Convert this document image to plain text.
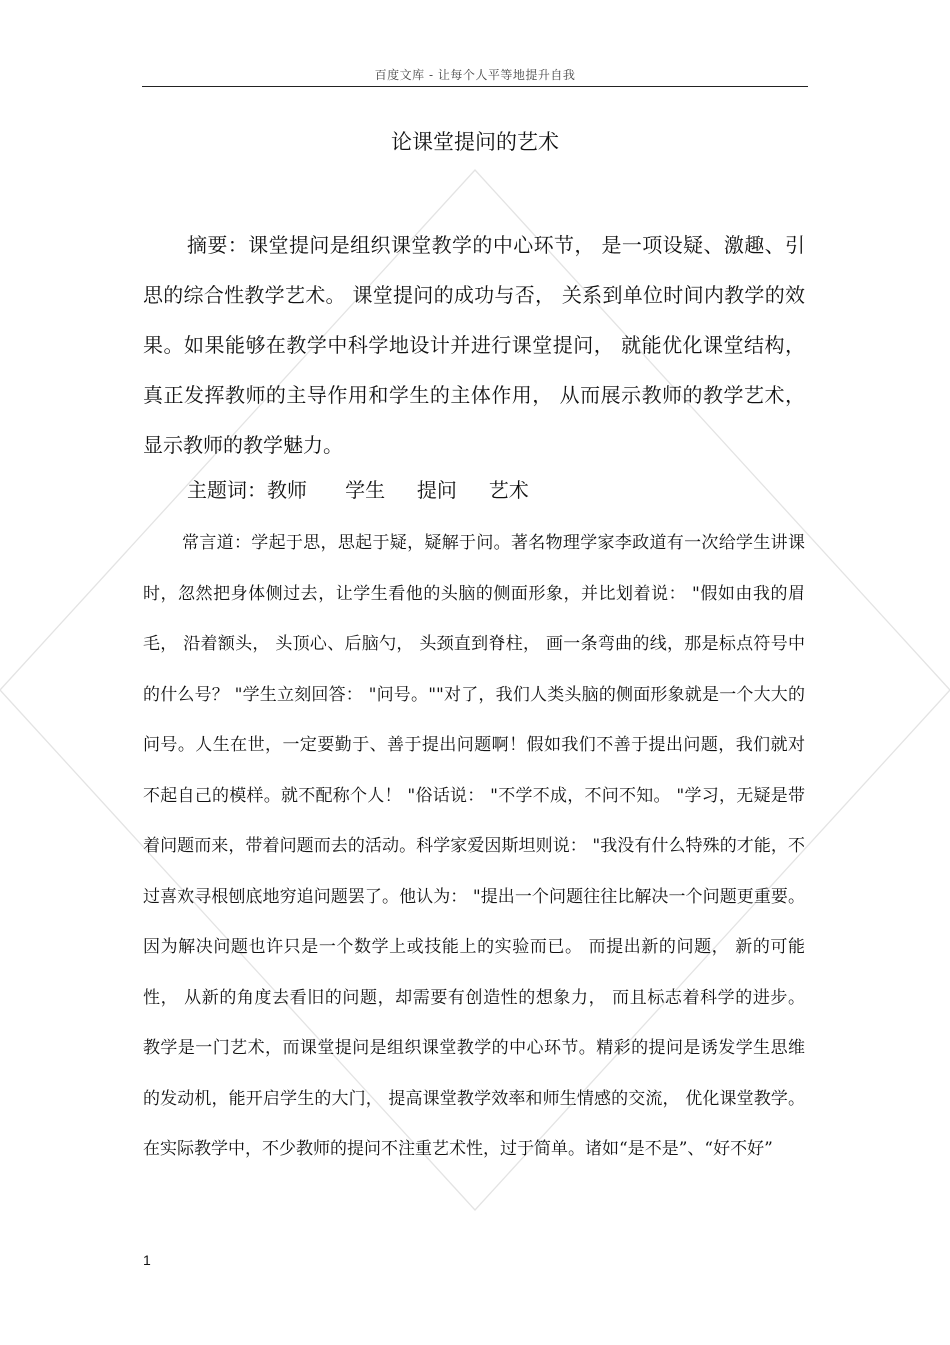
百度文库 - 让每个人平等地提升自我
论课堂提问的艺术

摘要：课堂提问是组织课堂教学的中心环节， 是一项设疑、激趣、引思的综合性教学艺术。 课堂提问的成功与否， 关系到单位时间内教学的效果。如果能够在教学中科学地设计并进行课堂提问， 就能优化课堂结构， 真正发挥教师的主导作用和学生的主体作用， 从而展示教师的教学艺术，显示教师的教学魅力。

主题词：教师      学生     提问     艺术

常言道：学起于思，思起于疑，疑解于问。著名物理学家李政道有一次给学生讲课时，忽然把身体侧过去，让学生看他的头脑的侧面形象，并比划着说： "假如由我的眉毛， 沿着额头， 头顶心、后脑勺， 头颈直到脊柱， 画一条弯曲的线，那是标点符号中的什么号？ "学生立刻回答： "问号。""对了，我们人类头脑的侧面形象就是一个大大的问号。人生在世，一定要勤于、善于提出问题啊！假如我们不善于提出问题，我们就对不起自己的模样。就不配称个人！ "俗话说： "不学不成，不问不知。 "学习，无疑是带着问题而来，带着问题而去的活动。科学家爱因斯坦则说： "我没有什么特殊的才能，不过喜欢寻根刨底地穷追问题罢了。他认为： "提出一个问题往往比解决一个问题更重要。因为解决问题也许只是一个数学上或技能上的实验而已。 而提出新的问题， 新的可能性， 从新的角度去看旧的问题，却需要有创造性的想象力， 而且标志着科学的进步。 教学是一门艺术，而课堂提问是组织课堂教学的中心环节。精彩的提问是诱发学生思维的发动机，能开启学生的大门， 提高课堂教学效率和师生情感的交流， 优化课堂教学。 在实际教学中，不少教师的提问不注重艺术性，过于简单。诸如“是不是”、“好不好”

1
